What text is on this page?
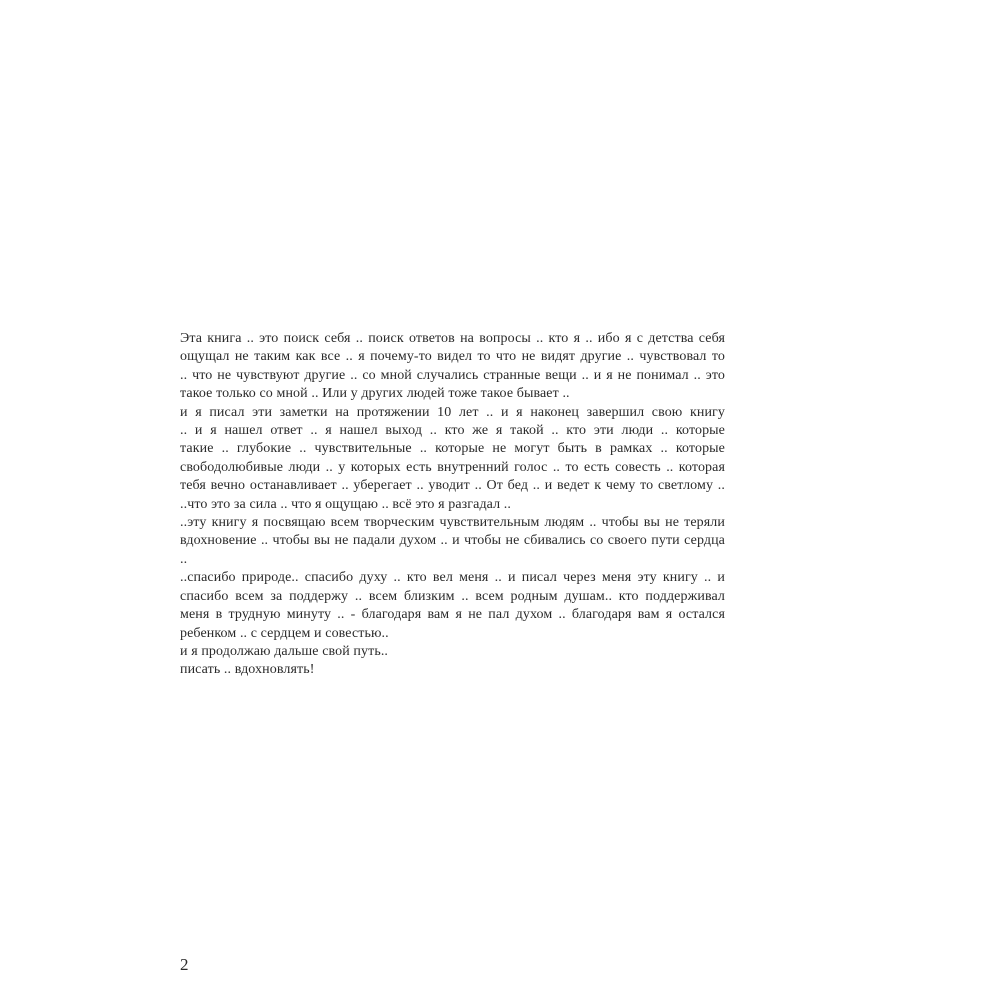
Эта книга .. это поиск себя .. поиск ответов на вопросы .. кто я .. ибо я с детства себя
ощущал не таким как все .. я почему-то видел то что не видят другие .. чувствовал то
.. что не чувствуют другие .. со мной случались странные вещи .. и я не понимал .. это
такое только со мной .. Или у других людей тоже такое бывает ..
и я писал эти заметки на протяжении 10 лет .. и я наконец завершил свою книгу
.. и я нашел ответ .. я нашел выход .. кто же я такой .. кто эти люди .. которые
такие .. глубокие .. чувствительные .. которые не могут быть в рамках .. которые
свободолюбивые люди .. у которых есть внутренний голос .. то есть совесть .. которая
тебя вечно останавливает .. уберегает .. уводит .. От бед .. и ведет к чему то светлому ..
..что это за сила .. что я ощущаю .. всё это я разгадал ..
..эту книгу я посвящаю всем творческим чувствительным людям .. чтобы вы не теряли
вдохновение .. чтобы вы не падали духом .. и чтобы не сбивались со своего пути сердца
..
..спасибо природе.. спасибо духу .. кто вел меня .. и писал через меня эту книгу .. и
спасибо всем за поддержу .. всем близким .. всем родным душам.. кто поддерживал
меня в трудную минуту .. - благодаря вам я не пал духом .. благодаря вам я остался
ребенком .. с сердцем и совестью..
и я продолжаю дальше свой путь..
писать .. вдохновлять!
2
